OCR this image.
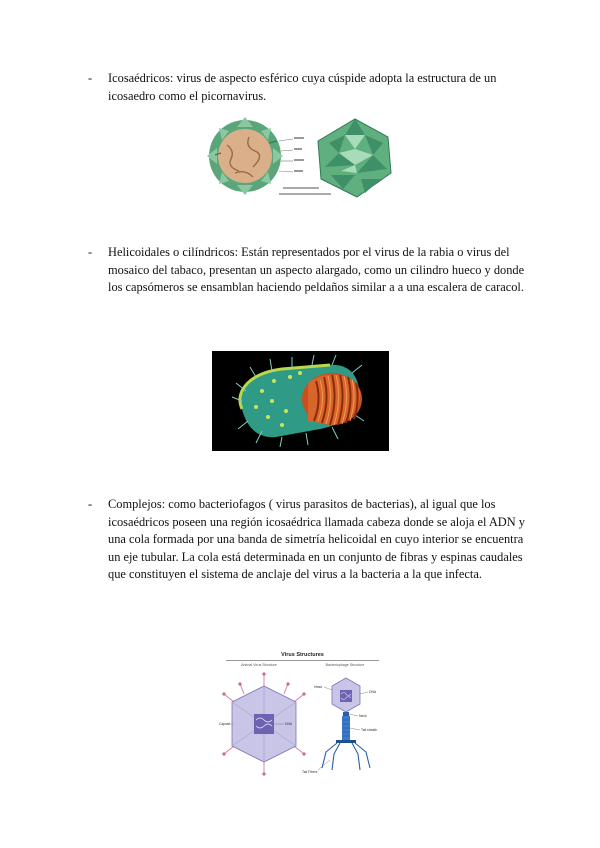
- Icosaédricos: virus de aspecto esférico cuya cúspide adopta la estructura de un icosaedro como el picornavirus.
- Helicoidales o cilíndricos: Están representados por el virus de la rabia o virus del mosaico del tabaco, presentan un aspecto alargado, como un cilindro hueco y donde los capsómeros se ensamblan haciendo peldaños similar a a una escalera de caracol.
- Complejos: como bacteriofagos ( virus parasitos de bacterias), al igual que los icosaédricos poseen una región icosaédrica llamada cabeza donde se aloja el ADN y una cola formada por una banda de simetría helicoidal en cuyo interior se encuentra un eje tubular. La cola está determinada en un conjunto de fibras y espinas caudales que constituyen el sistema de anclaje del virus a la bacteria a la que infecta.
Virus Structures
Animal Virus Structure	Bacteriophage Structure
Capsid	DNA
Head
DNA
Neck
Tail sheath
Tail Fibers
